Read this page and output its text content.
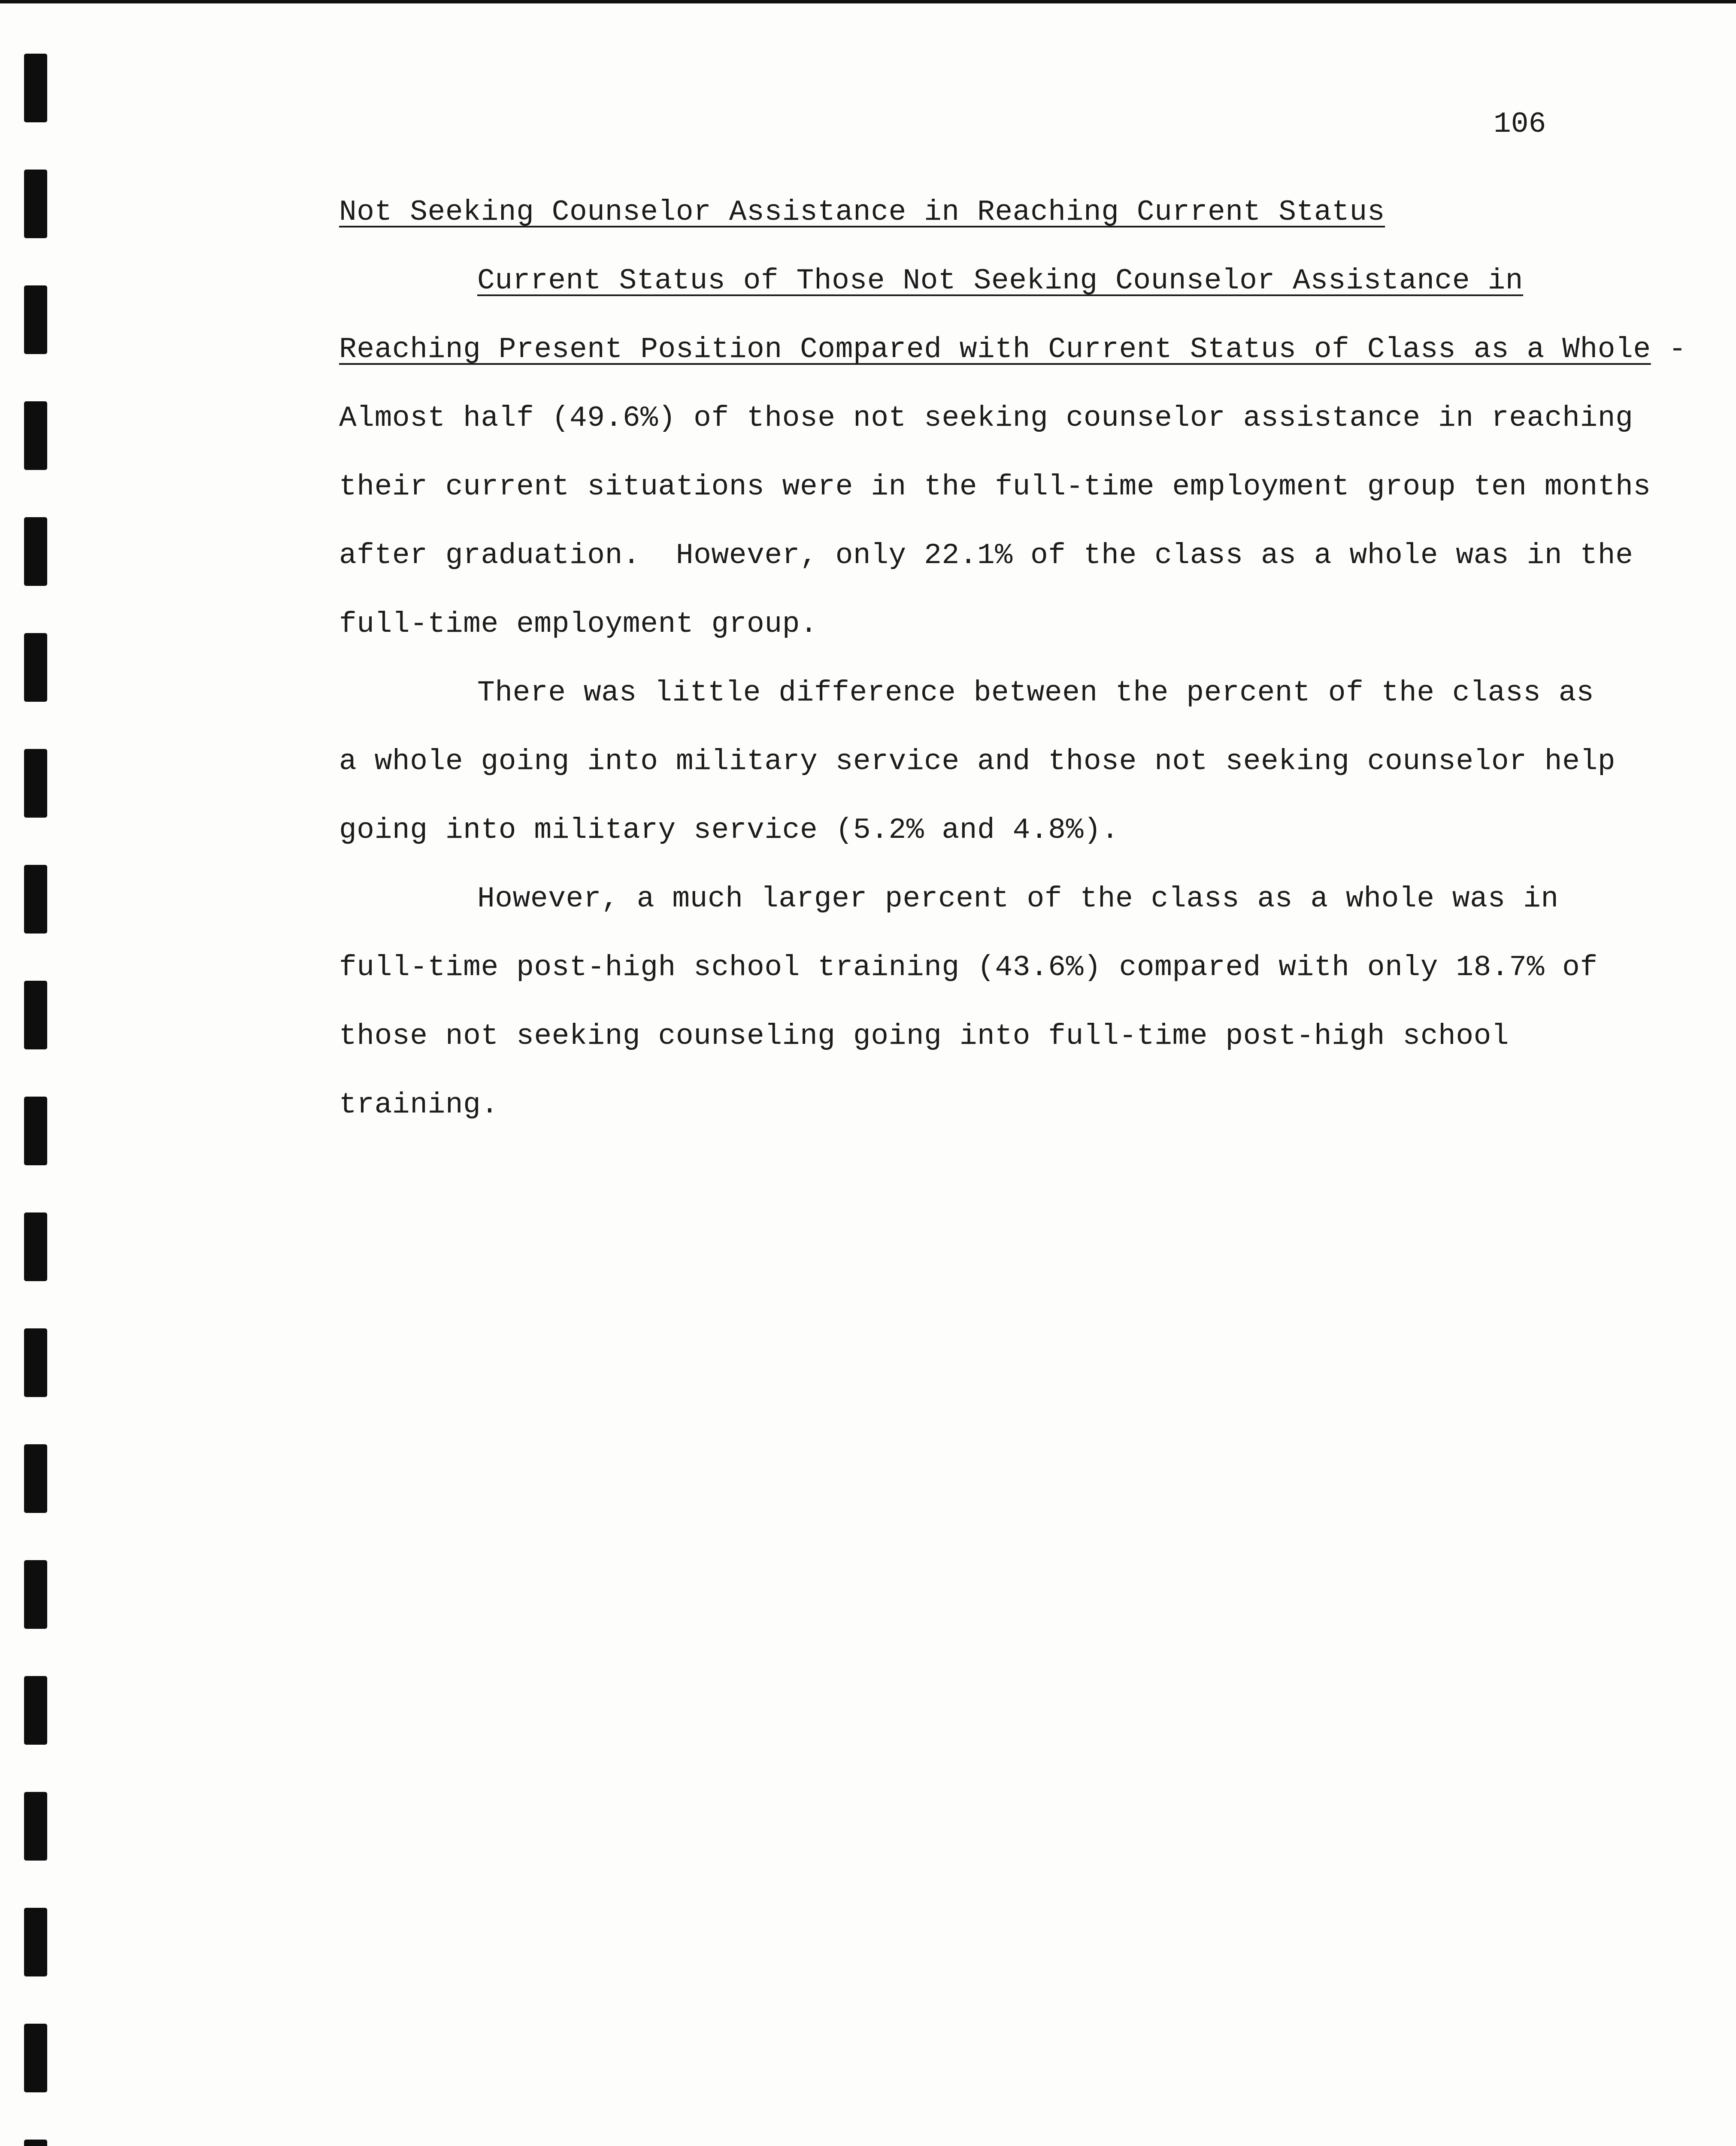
106
Not Seeking Counselor Assistance in Reaching Current Status
Current Status of Those Not Seeking Counselor Assistance in
Reaching Present Position Compared with Current Status of Class as a Whole -
Almost half (49.6%) of those not seeking counselor assistance in reaching
their current situations were in the full-time employment group ten months
after graduation.  However, only 22.1% of the class as a whole was in the
full-time employment group.
There was little difference between the percent of the class as
a whole going into military service and those not seeking counselor help
going into military service (5.2% and 4.8%).
However, a much larger percent of the class as a whole was in
full-time post-high school training (43.6%) compared with only 18.7% of
those not seeking counseling going into full-time post-high school
training.
